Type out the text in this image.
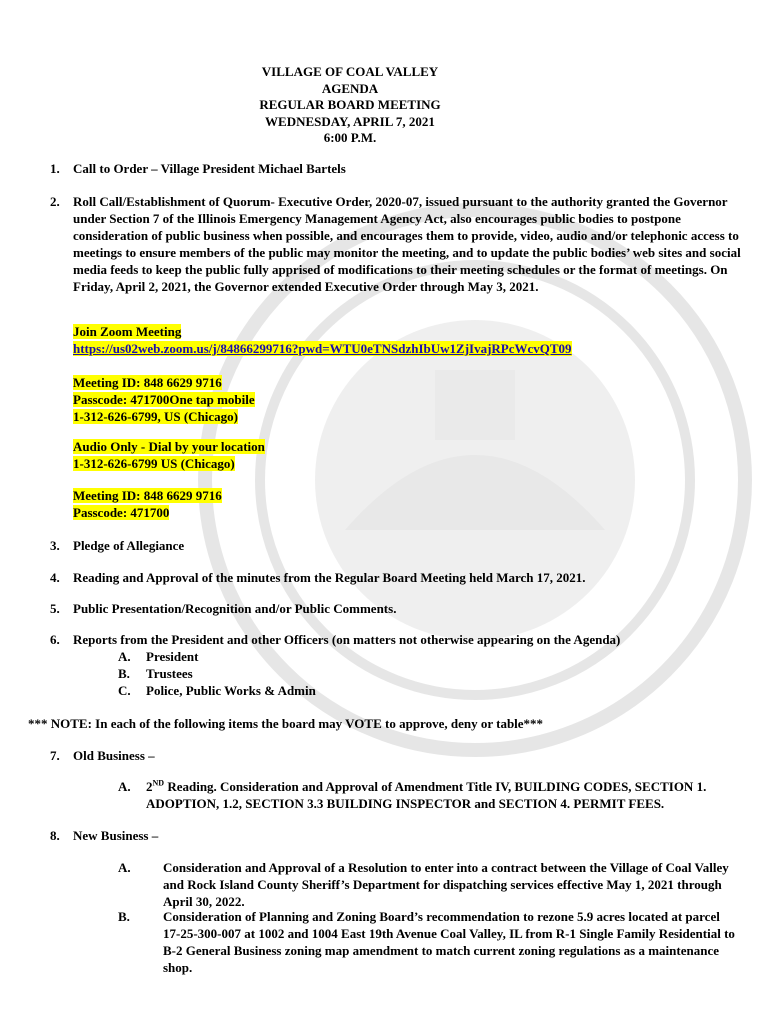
VILLAGE OF COAL VALLEY
AGENDA
REGULAR BOARD MEETING
WEDNESDAY, APRIL 7, 2021
6:00 P.M.
1. Call to Order – Village President Michael Bartels
2. Roll Call/Establishment of Quorum- Executive Order, 2020-07, issued pursuant to the authority granted the Governor under Section 7 of the Illinois Emergency Management Agency Act, also encourages public bodies to postpone consideration of public business when possible, and encourages them to provide, video, audio and/or telephonic access to meetings to ensure members of the public may monitor the meeting, and to update the public bodies’ web sites and social media feeds to keep the public fully apprised of modifications to their meeting schedules or the format of meetings. On Friday, April 2, 2021, the Governor extended Executive Order through May 3, 2021.
Join Zoom Meeting
https://us02web.zoom.us/j/84866299716?pwd=WTU0eTNSdzhIbUw1ZjIvajRPcWcvQT09
Meeting ID: 848 6629 9716
Passcode: 471700One tap mobile
1-312-626-6799, US (Chicago)
Audio Only - Dial by your location
1-312-626-6799 US (Chicago)
Meeting ID: 848 6629 9716
Passcode: 471700
3. Pledge of Allegiance
4. Reading and Approval of the minutes from the Regular Board Meeting held March 17, 2021.
5. Public Presentation/Recognition and/or Public Comments.
6. Reports from the President and other Officers (on matters not otherwise appearing on the Agenda)
A. President
B. Trustees
C. Police, Public Works & Admin
*** NOTE: In each of the following items the board may VOTE to approve, deny or table***
7. Old Business –
A. 2ND Reading. Consideration and Approval of Amendment Title IV, BUILDING CODES, SECTION 1. ADOPTION, 1.2, SECTION 3.3 BUILDING INSPECTOR and SECTION 4. PERMIT FEES.
8. New Business –
A. Consideration and Approval of a Resolution to enter into a contract between the Village of Coal Valley and Rock Island County Sheriff’s Department for dispatching services effective May 1, 2021 through April 30, 2022.
B.	Consideration of Planning and Zoning Board’s recommendation to rezone 5.9 acres located at parcel 17-25-300-007 at 1002 and 1004 East 19th Avenue Coal Valley, IL from R-1 Single Family Residential to B-2 General Business zoning map amendment to match current zoning regulations as a maintenance shop.
